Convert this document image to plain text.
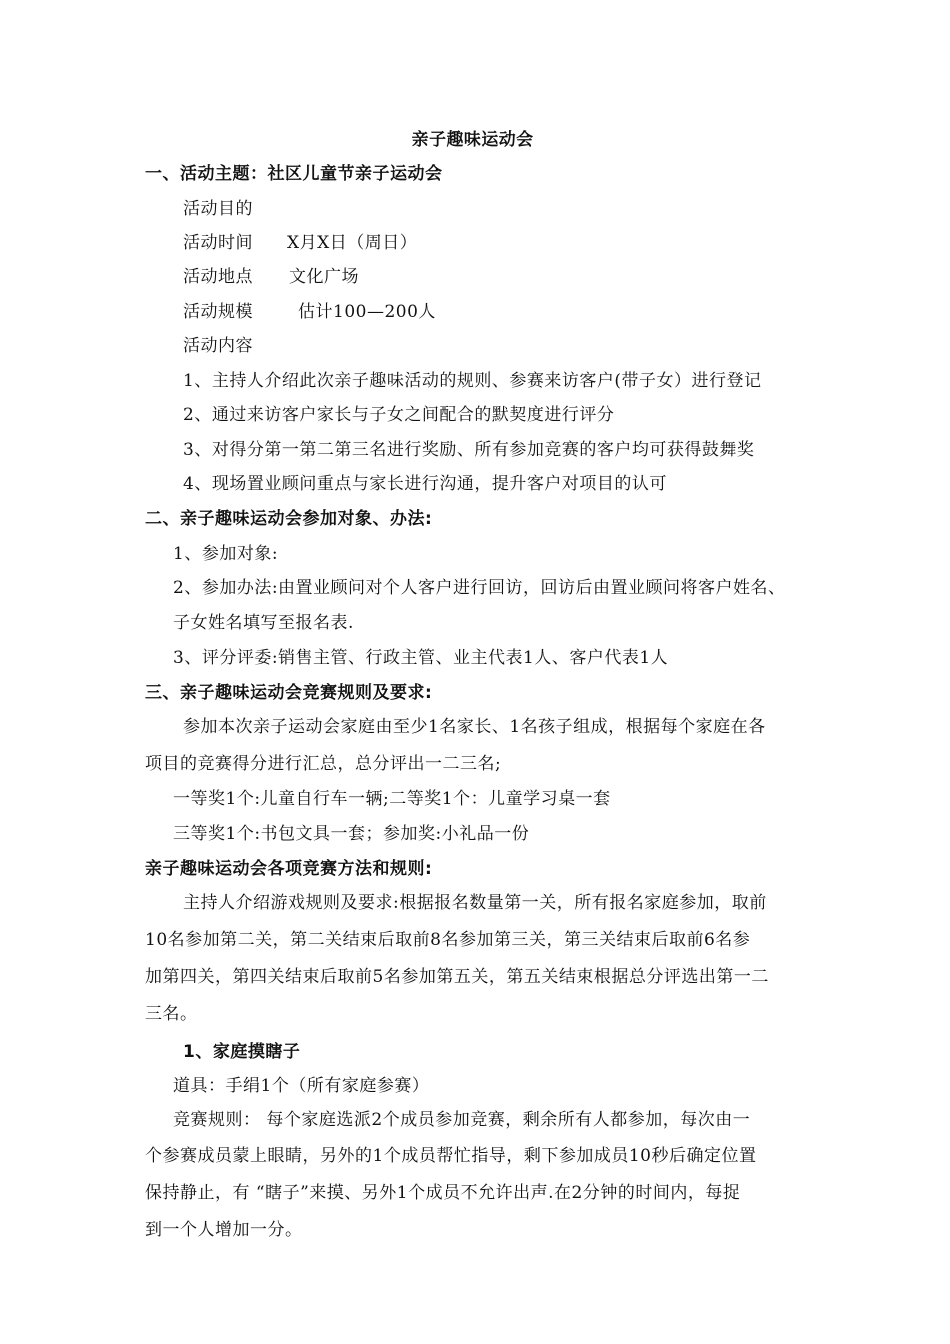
亲子趣味运动会
一、活动主题：社区儿童节亲子运动会
活动目的
活动时间 X月X日（周日）
活动地点 文化广场
活动规模	估计100—200人
活动内容
1、主持人介绍此次亲子趣味活动的规则、参赛来访客户(带子女）进行登记
2、通过来访客户家长与子女之间配合的默契度进行评分
3、对得分第一第二第三名进行奖励、所有参加竞赛的客户均可获得鼓舞奖
4、现场置业顾问重点与家长进行沟通，提升客户对项目的认可
二、亲子趣味运动会参加对象、办法:
1、参加对象:
2、参加办法:由置业顾问对个人客户进行回访，回访后由置业顾问将客户姓名、
子女姓名填写至报名表.
3、评分评委:销售主管、行政主管、业主代表1人、客户代表1人
三、亲子趣味运动会竞赛规则及要求:
参加本次亲子运动会家庭由至少1名家长、1名孩子组成，根据每个家庭在各
项目的竞赛得分进行汇总，总分评出一二三名;
一等奖1个:儿童自行车一辆;二等奖1个：儿童学习桌一套
三等奖1个:书包文具一套；参加奖:小礼品一份
亲子趣味运动会各项竞赛方法和规则:
主持人介绍游戏规则及要求:根据报名数量第一关，所有报名家庭参加，取前
10名参加第二关，第二关结束后取前8名参加第三关，第三关结束后取前6名参
加第四关，第四关结束后取前5名参加第五关，第五关结束根据总分评选出第一二
三名。
1、家庭摸瞎子
道具：手绢1个（所有家庭参赛）
竞赛规则： 每个家庭选派2个成员参加竞赛，剩余所有人都参加，每次由一
个参赛成员蒙上眼睛，另外的1个成员帮忙指导，剩下参加成员10秒后确定位置
保持静止，有 “瞎子”来摸、另外1个成员不允许出声.在2分钟的时间内，每捉
到一个人增加一分。
